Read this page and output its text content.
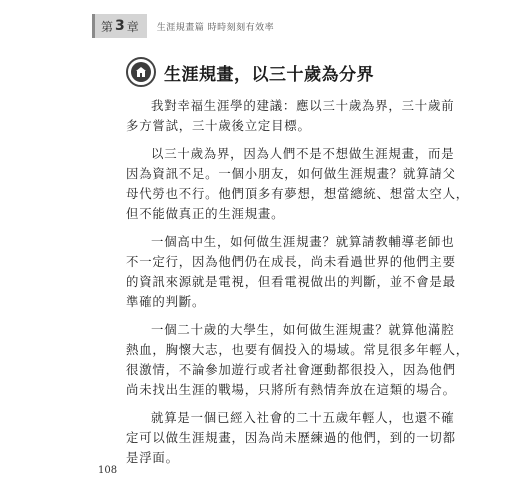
第 3 章 生涯規畫篇 時時刻刻有效率
生涯規畫，以三十歲為分界
我對幸福生涯學的建議：應以三十歲為界，三十歲前
多方嘗試，三十歲後立定目標。
以三十歲為界，因為人們不是不想做生涯規畫，而是
因為資訊不足。一個小朋友，如何做生涯規畫？就算請父
母代勞也不行。他們頂多有夢想，想當總統、想當太空人，
但不能做真正的生涯規畫。
一個高中生，如何做生涯規畫？就算請教輔導老師也
不一定行，因為他們仍在成長，尚未看過世界的他們主要
的資訊來源就是電視，但看電視做出的判斷，並不會是最
準確的判斷。
一個二十歲的大學生，如何做生涯規畫？就算他滿腔
熱血，胸懷大志，也要有個投入的場域。常見很多年輕人，
很激情，不論參加遊行或者社會運動都很投入，因為他們
尚未找出生涯的戰場，只將所有熱情奔放在這類的場合。
就算是一個已經入社會的二十五歲年輕人，也還不確
定可以做生涯規畫，因為尚未歷練過的他們，到的一切都
是浮面。
108
